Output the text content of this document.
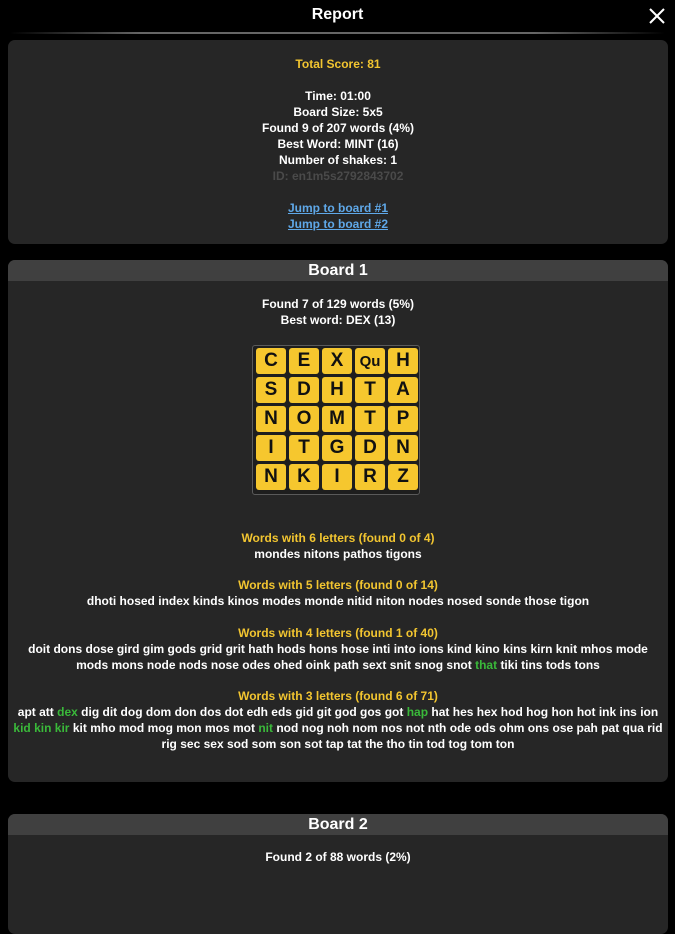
Report
Total Score: 81
Time: 01:00
Board Size: 5x5
Found 9 of 207 words (4%)
Best Word: MINT (16)
Number of shakes: 1
ID: en1m5s2792843702
Jump to board #1
Jump to board #2
Board 1
Found 7 of 129 words (5%)
Best word: DEX (13)
C	E	X	Qu H
S	D	H	T	A
N O M	T	P
I	T	G D	N
N	K	I	R	Z
Words with 6 letters (found 0 of 4)
mondes nitons pathos tigons
Words with 5 letters (found 0 of 14)
dhoti hosed index kinds kinos modes monde nitid niton nodes nosed sonde those tigon
Words with 4 letters (found 1 of 40)
doit dons dose gird gim gods grid grit hath hods hons hose inti into ions kind kino kins kirn knit mhos mode mods mons node nods nose odes ohed oink path sext snit snog snot that tiki tins tods tons
Words with 3 letters (found 6 of 71)
apt att dex dig dit dog dom don dos dot edh eds gid git god gos got hap hat hes hex hod hog hon hot ink ins ion kid kin kir kit mho mod mog mon mos mot nit nod nog noh nom nos not nth ode ods ohm ons ose pah pat qua rid rig sec sex sod som son sot tap tat the tho tin tod tog tom ton
Board 2
Found 2 of 88 words (2%)
